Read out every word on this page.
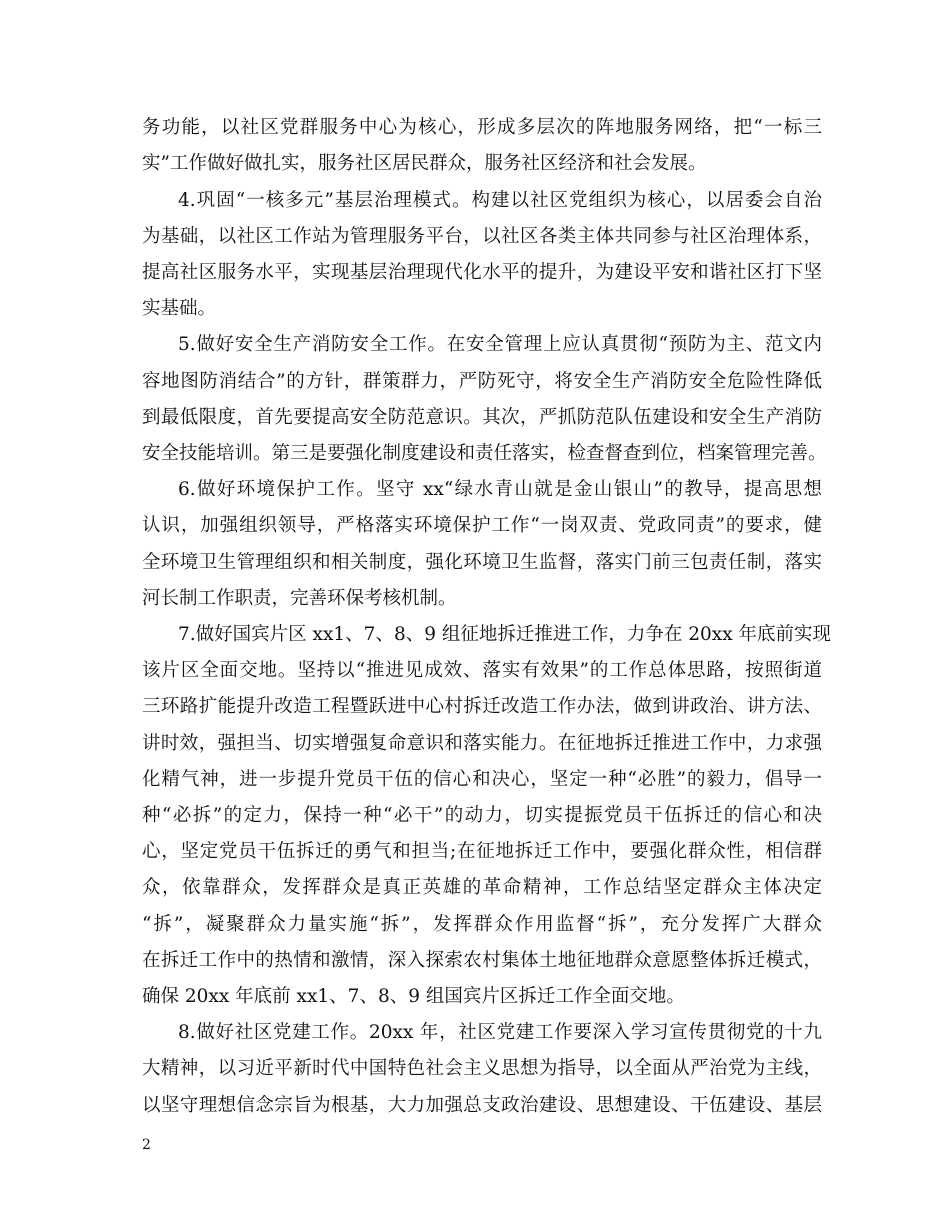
务功能，以社区党群服务中心为核心，形成多层次的阵地服务网络，把“一标三
实”工作做好做扎实，服务社区居民群众，服务社区经济和社会发展。
4.巩固“一核多元”基层治理模式。构建以社区党组织为核心，以居委会自治
为基础，以社区工作站为管理服务平台，以社区各类主体共同参与社区治理体系，
提高社区服务水平，实现基层治理现代化水平的提升，为建设平安和谐社区打下坚
实基础。
5.做好安全生产消防安全工作。在安全管理上应认真贯彻“预防为主、范文内
容地图防消结合”的方针，群策群力，严防死守，将安全生产消防安全危险性降低
到最低限度，首先要提高安全防范意识。其次，严抓防范队伍建设和安全生产消防
安全技能培训。第三是要强化制度建设和责任落实，检查督查到位，档案管理完善。
6.做好环境保护工作。坚守 xx“绿水青山就是金山银山”的教导，提高思想
认识，加强组织领导，严格落实环境保护工作“一岗双责、党政同责”的要求，健
全环境卫生管理组织和相关制度，强化环境卫生监督，落实门前三包责任制，落实
河长制工作职责，完善环保考核机制。
7.做好国宾片区 xx1、7、8、9 组征地拆迁推进工作，力争在 20xx 年底前实现
该片区全面交地。坚持以“推进见成效、落实有效果”的工作总体思路，按照街道
三环路扩能提升改造工程暨跃进中心村拆迁改造工作办法，做到讲政治、讲方法、
讲时效，强担当、切实增强复命意识和落实能力。在征地拆迁推进工作中，力求强
化精气神，进一步提升党员干伍的信心和决心，坚定一种“必胜”的毅力，倡导一
种“必拆”的定力，保持一种“必干”的动力，切实提振党员干伍拆迁的信心和决
心，坚定党员干伍拆迁的勇气和担当;在征地拆迁工作中，要强化群众性，相信群
众，依靠群众，发挥群众是真正英雄的革命精神，工作总结坚定群众主体决定
“拆”，凝聚群众力量实施“拆”，发挥群众作用监督“拆”，充分发挥广大群众
在拆迁工作中的热情和激情，深入探索农村集体土地征地群众意愿整体拆迁模式，
确保 20xx 年底前 xx1、7、8、9 组国宾片区拆迁工作全面交地。
8.做好社区党建工作。20xx 年，社区党建工作要深入学习宣传贯彻党的十九
大精神，以习近平新时代中国特色社会主义思想为指导，以全面从严治党为主线，
以坚守理想信念宗旨为根基，大力加强总支政治建设、思想建设、干伍建设、基层
2
